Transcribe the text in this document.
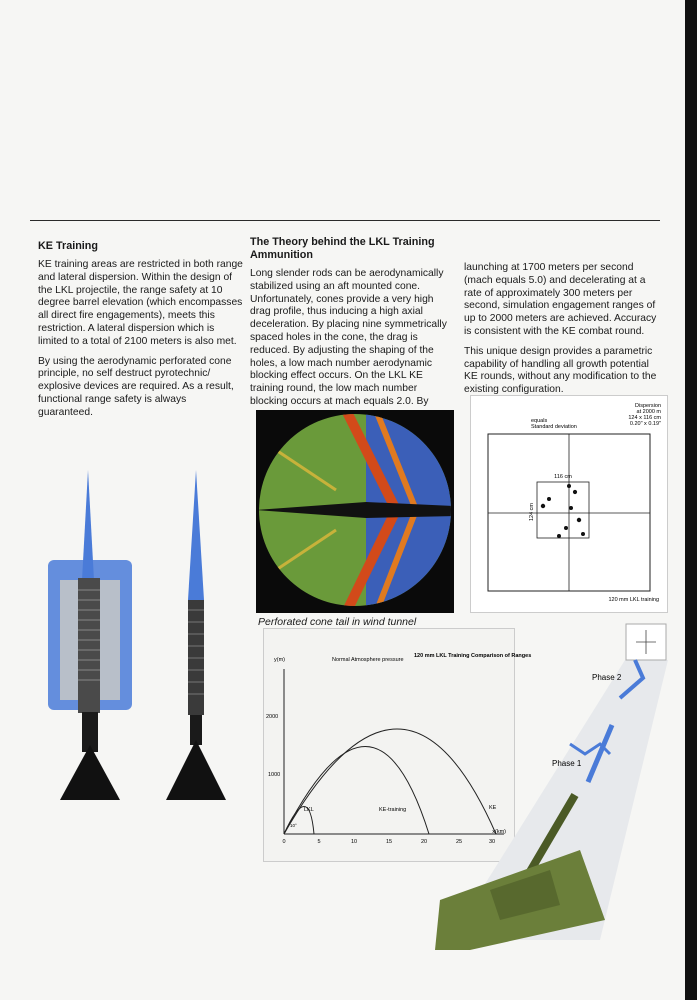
KE Training

KE training areas are restricted in both range and lateral dispersion. Within the design of the LKL projectile, the range safety at 10 degree barrel elevation (which encompasses all direct fire engagements), meets this restriction. A lateral dispersion which is limited to a total of 2100 meters is also met.

By using the aerodynamic perforated cone principle, no self destruct pyrotechnic/ explosive devices are required. As a result, functional range safety is always guaranteed.

The Theory behind the LKL Training Ammunition

Long slender rods can be aerodynamically stabilized using an aft mounted cone. Unfortunately, cones provide a very high drag profile, thus inducing a high axial deceleration. By placing nine symmetrically spaced holes in the cone, the drag is reduced. By adjusting the shaping of the holes, a low mach number aerodynamic blocking effect occurs. On the LKL KE training round, the low mach number blocking occurs at mach equals 2.0. By

launching at 1700 meters per second (mach equals 5.0) and decelerating at a rate of approximately 300 meters per second, simulation engagement ranges of up to 2000 meters are achieved. Accuracy is consistent with the KE combat round.

This unique design provides a parametric capability of handling all growth potential KE rounds, without any modification to the existing configuration.

Perforated cone tail in wind tunnel
Dispersion
at 2000 m
124 x 116 cm
0.20" x 0.19"
equals
Standard deviation
116 cm
124 cm
120 mm LKL training
y(m)	Normal Atmosphere pressure
120 mm LKL Training Comparison of Ranges
2000
1000
0	5	10	15	20	25	30
x(km)
LKL	KE-training	KE
10°
Phase 2
Phase 1
